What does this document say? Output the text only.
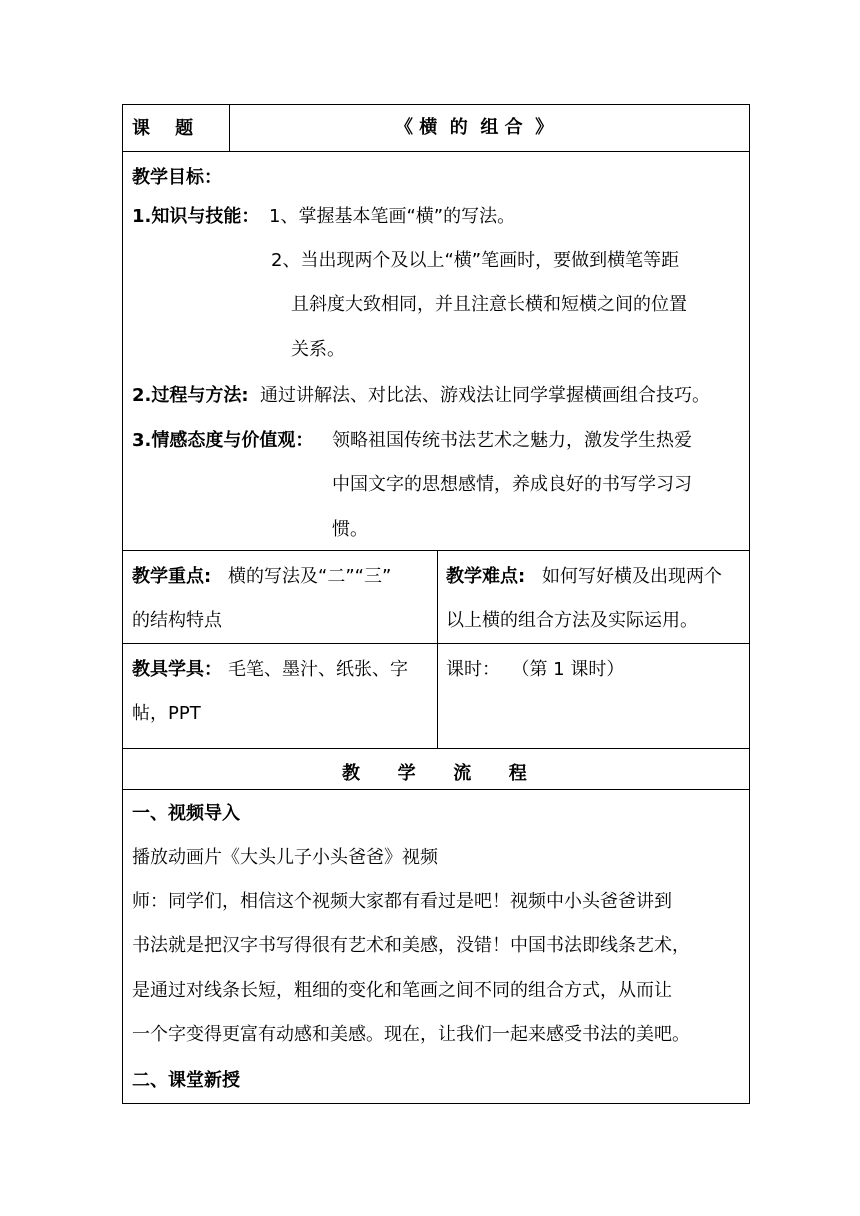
课    题	《 横  的  组 合  》
教学目标：
1.知识与技能： 1、掌握基本笔画“横”的写法。
2、当出现两个及以上“横”笔画时，要做到横笔等距
且斜度大致相同，并且注意长横和短横之间的位置
关系。
2.过程与方法: 通过讲解法、对比法、游戏法让同学掌握横画组合技巧。
3.情感态度与价值观： 领略祖国传统书法艺术之魅力，激发学生热爱
中国文字的思想感情，养成良好的书写学习习
惯。
教学重点: 横的写法及“二”“三”
的结构特点
教学难点: 如何写好横及出现两个
以上横的组合方法及实际运用。
教具学具： 毛笔、墨汁、纸张、字
帖，PPT
课时：  （第 1 课时）
教      学      流      程
一、视频导入
播放动画片《大头儿子小头爸爸》视频
师：同学们，相信这个视频大家都有看过是吧！视频中小头爸爸讲到
书法就是把汉字书写得很有艺术和美感，没错！中国书法即线条艺术，
是通过对线条长短，粗细的变化和笔画之间不同的组合方式，从而让
一个字变得更富有动感和美感。现在，让我们一起来感受书法的美吧。
二、课堂新授
